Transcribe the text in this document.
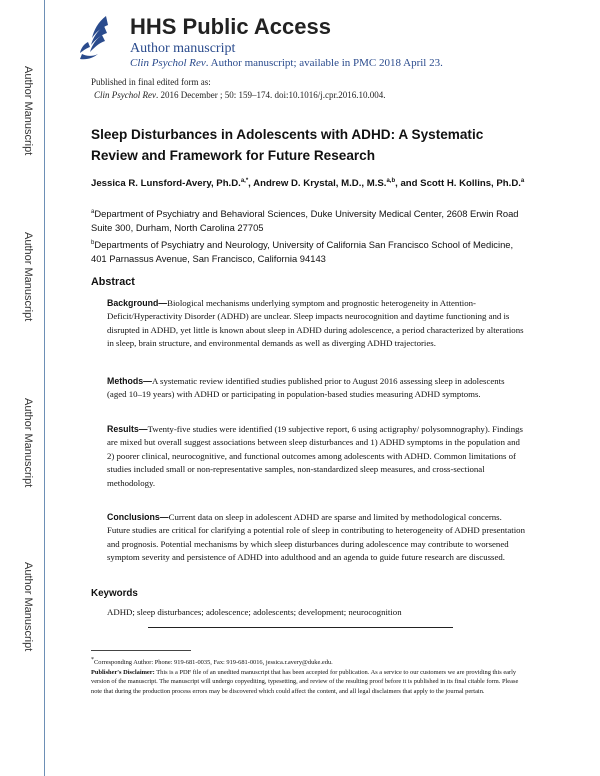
Author Manuscript
Author Manuscript
Author Manuscript
Author Manuscript
HHS Public Access
Author manuscript
Clin Psychol Rev. Author manuscript; available in PMC 2018 April 23.
Published in final edited form as:
Clin Psychol Rev. 2016 December ; 50: 159–174. doi:10.1016/j.cpr.2016.10.004.
Sleep Disturbances in Adolescents with ADHD: A Systematic Review and Framework for Future Research
Jessica R. Lunsford-Avery, Ph.D.$^{a,*}$, Andrew D. Krystal, M.D., M.S.$^{a,b}$, and Scott H. Kollins, Ph.D.$^a$
$^a$Department of Psychiatry and Behavioral Sciences, Duke University Medical Center, 2608 Erwin Road Suite 300, Durham, North Carolina 27705
$^b$Departments of Psychiatry and Neurology, University of California San Francisco School of Medicine, 401 Parnassus Avenue, San Francisco, California 94143
Abstract
Background—Biological mechanisms underlying symptom and prognostic heterogeneity in Attention-Deficit/Hyperactivity Disorder (ADHD) are unclear. Sleep impacts neurocognition and daytime functioning and is disrupted in ADHD, yet little is known about sleep in ADHD during adolescence, a period characterized by alterations in sleep, brain structure, and environmental demands as well as diverging ADHD trajectories.
Methods—A systematic review identified studies published prior to August 2016 assessing sleep in adolescents (aged 10–19 years) with ADHD or participating in population-based studies measuring ADHD symptoms.
Results—Twenty-five studies were identified (19 subjective report, 6 using actigraphy/ polysomnography). Findings are mixed but overall suggest associations between sleep disturbances and 1) ADHD symptoms in the population and 2) poorer clinical, neurocognitive, and functional outcomes among adolescents with ADHD. Common limitations of studies included small or non-representative samples, non-standardized sleep measures, and cross-sectional methodology.
Conclusions—Current data on sleep in adolescent ADHD are sparse and limited by methodological concerns. Future studies are critical for clarifying a potential role of sleep in contributing to heterogeneity of ADHD presentation and prognosis. Potential mechanisms by which sleep disturbances during adolescence may contribute to worsened symptom severity and persistence of ADHD into adulthood and an agenda to guide future research are discussed.
Keywords
ADHD; sleep disturbances; adolescence; adolescents; development; neurocognition
*Corresponding Author: Phone: 919-681-0035, Fax: 919-681-0016, jessica.r.avery@duke.edu.
Publisher's Disclaimer: This is a PDF file of an unedited manuscript that has been accepted for publication. As a service to our customers we are providing this early version of the manuscript. The manuscript will undergo copyediting, typesetting, and review of the resulting proof before it is published in its final citable form. Please note that during the production process errors may be discovered which could affect the content, and all legal disclaimers that apply to the journal pertain.
